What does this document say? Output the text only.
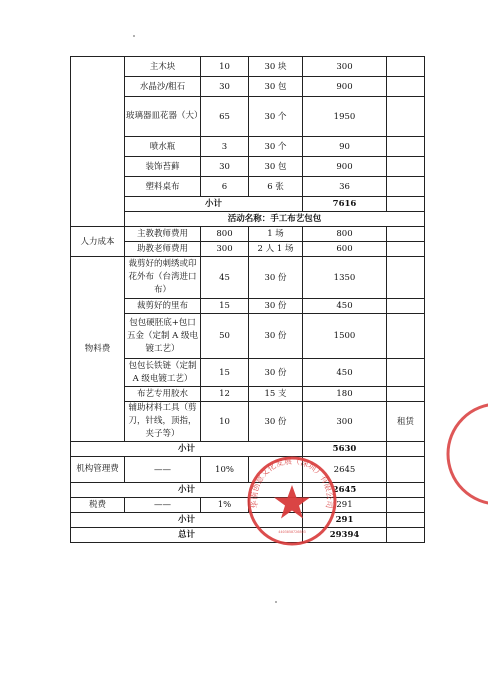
	主木块	10	30 块	300	
	水晶沙/粗石	30	30 包	900	
	玻璃器皿花器（大）	65	30 个	1950	
	喷水瓶	3	30 个	90	
	装饰苔藓	30	30 包	900	
	塑料桌布	6	6 张	36	
	小计			7616	
	活动名称：手工布艺包包				
人力成本	主教教师费用	800	1 场	800	
	助教老师费用	300	2 人 1 场	600	
物料费	裁剪好的刺绣或印花外布（台湾进口布）	45	30 份	1350	
	裁剪好的里布	15	30 份	450	
	包包硬胚底+包口五金（定制 A 级电镀工艺）	50	30 份	1500	
	包包长铁链（定制 A 级电镀工艺）	15	30 份	450	
	布艺专用胶水	12	15 支	180	
	辅助材料工具（剪刀，针线，顶指，夹子等）	10	30 份	300	租赁
小计				5630	
机构管理费	——	10%		2645	
小计				2645	
税费	——	1%		291	
小计				291	
总计				29394	
华南创意文化发展（深圳）有限公司
4403050726803
